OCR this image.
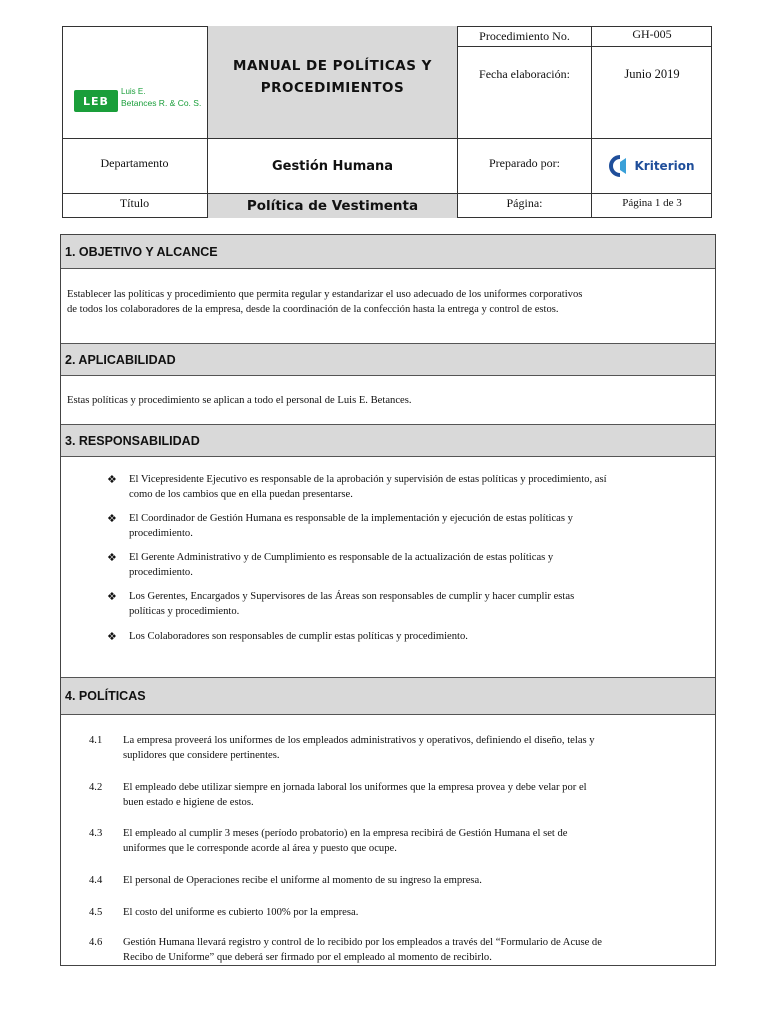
LEB
Luis E.
Betances R. & Co. S.
MANUAL DE POLÍTICAS Y
PROCEDIMIENTOS
Procedimiento No.	GH-005
Fecha elaboración:	Junio 2019
Departamento	Gestión Humana	Preparado por:	Kriterion
Título	Política de Vestimenta	Página:	Página 1 de 3
1. OBJETIVO Y ALCANCE
Establecer las políticas y procedimiento que permita regular y estandarizar el uso adecuado de los uniformes corporativos
de todos los colaboradores de la empresa, desde la coordinación de la confección hasta la entrega y control de estos.
2. APLICABILIDAD
Estas políticas y procedimiento se aplican a todo el personal de Luis E. Betances.
3. RESPONSABILIDAD
❖ El Vicepresidente Ejecutivo es responsable de la aprobación y supervisión de estas políticas y procedimiento, así
como de los cambios que en ella puedan presentarse.
❖ El Coordinador de Gestión Humana es responsable de la implementación y ejecución de estas políticas y
procedimiento.
❖ El Gerente Administrativo y de Cumplimiento es responsable de la actualización de estas políticas y
procedimiento.
❖ Los Gerentes, Encargados y Supervisores de las Áreas son responsables de cumplir y hacer cumplir estas
políticas y procedimiento.
❖ Los Colaboradores son responsables de cumplir estas políticas y procedimiento.
4. POLÍTICAS
4.1 La empresa proveerá los uniformes de los empleados administrativos y operativos, definiendo el diseño, telas y
suplidores que considere pertinentes.
4.2 El empleado debe utilizar siempre en jornada laboral los uniformes que la empresa provea y debe velar por el
buen estado e higiene de estos.
4.3 El empleado al cumplir 3 meses (período probatorio) en la empresa recibirá de Gestión Humana el set de
uniformes que le corresponde acorde al área y puesto que ocupe.
4.4 El personal de Operaciones recibe el uniforme al momento de su ingreso la empresa.
4.5 El costo del uniforme es cubierto 100% por la empresa.
4.6 Gestión Humana llevará registro y control de lo recibido por los empleados a través del “Formulario de Acuse de
Recibo de Uniforme” que deberá ser firmado por el empleado al momento de recibirlo.
